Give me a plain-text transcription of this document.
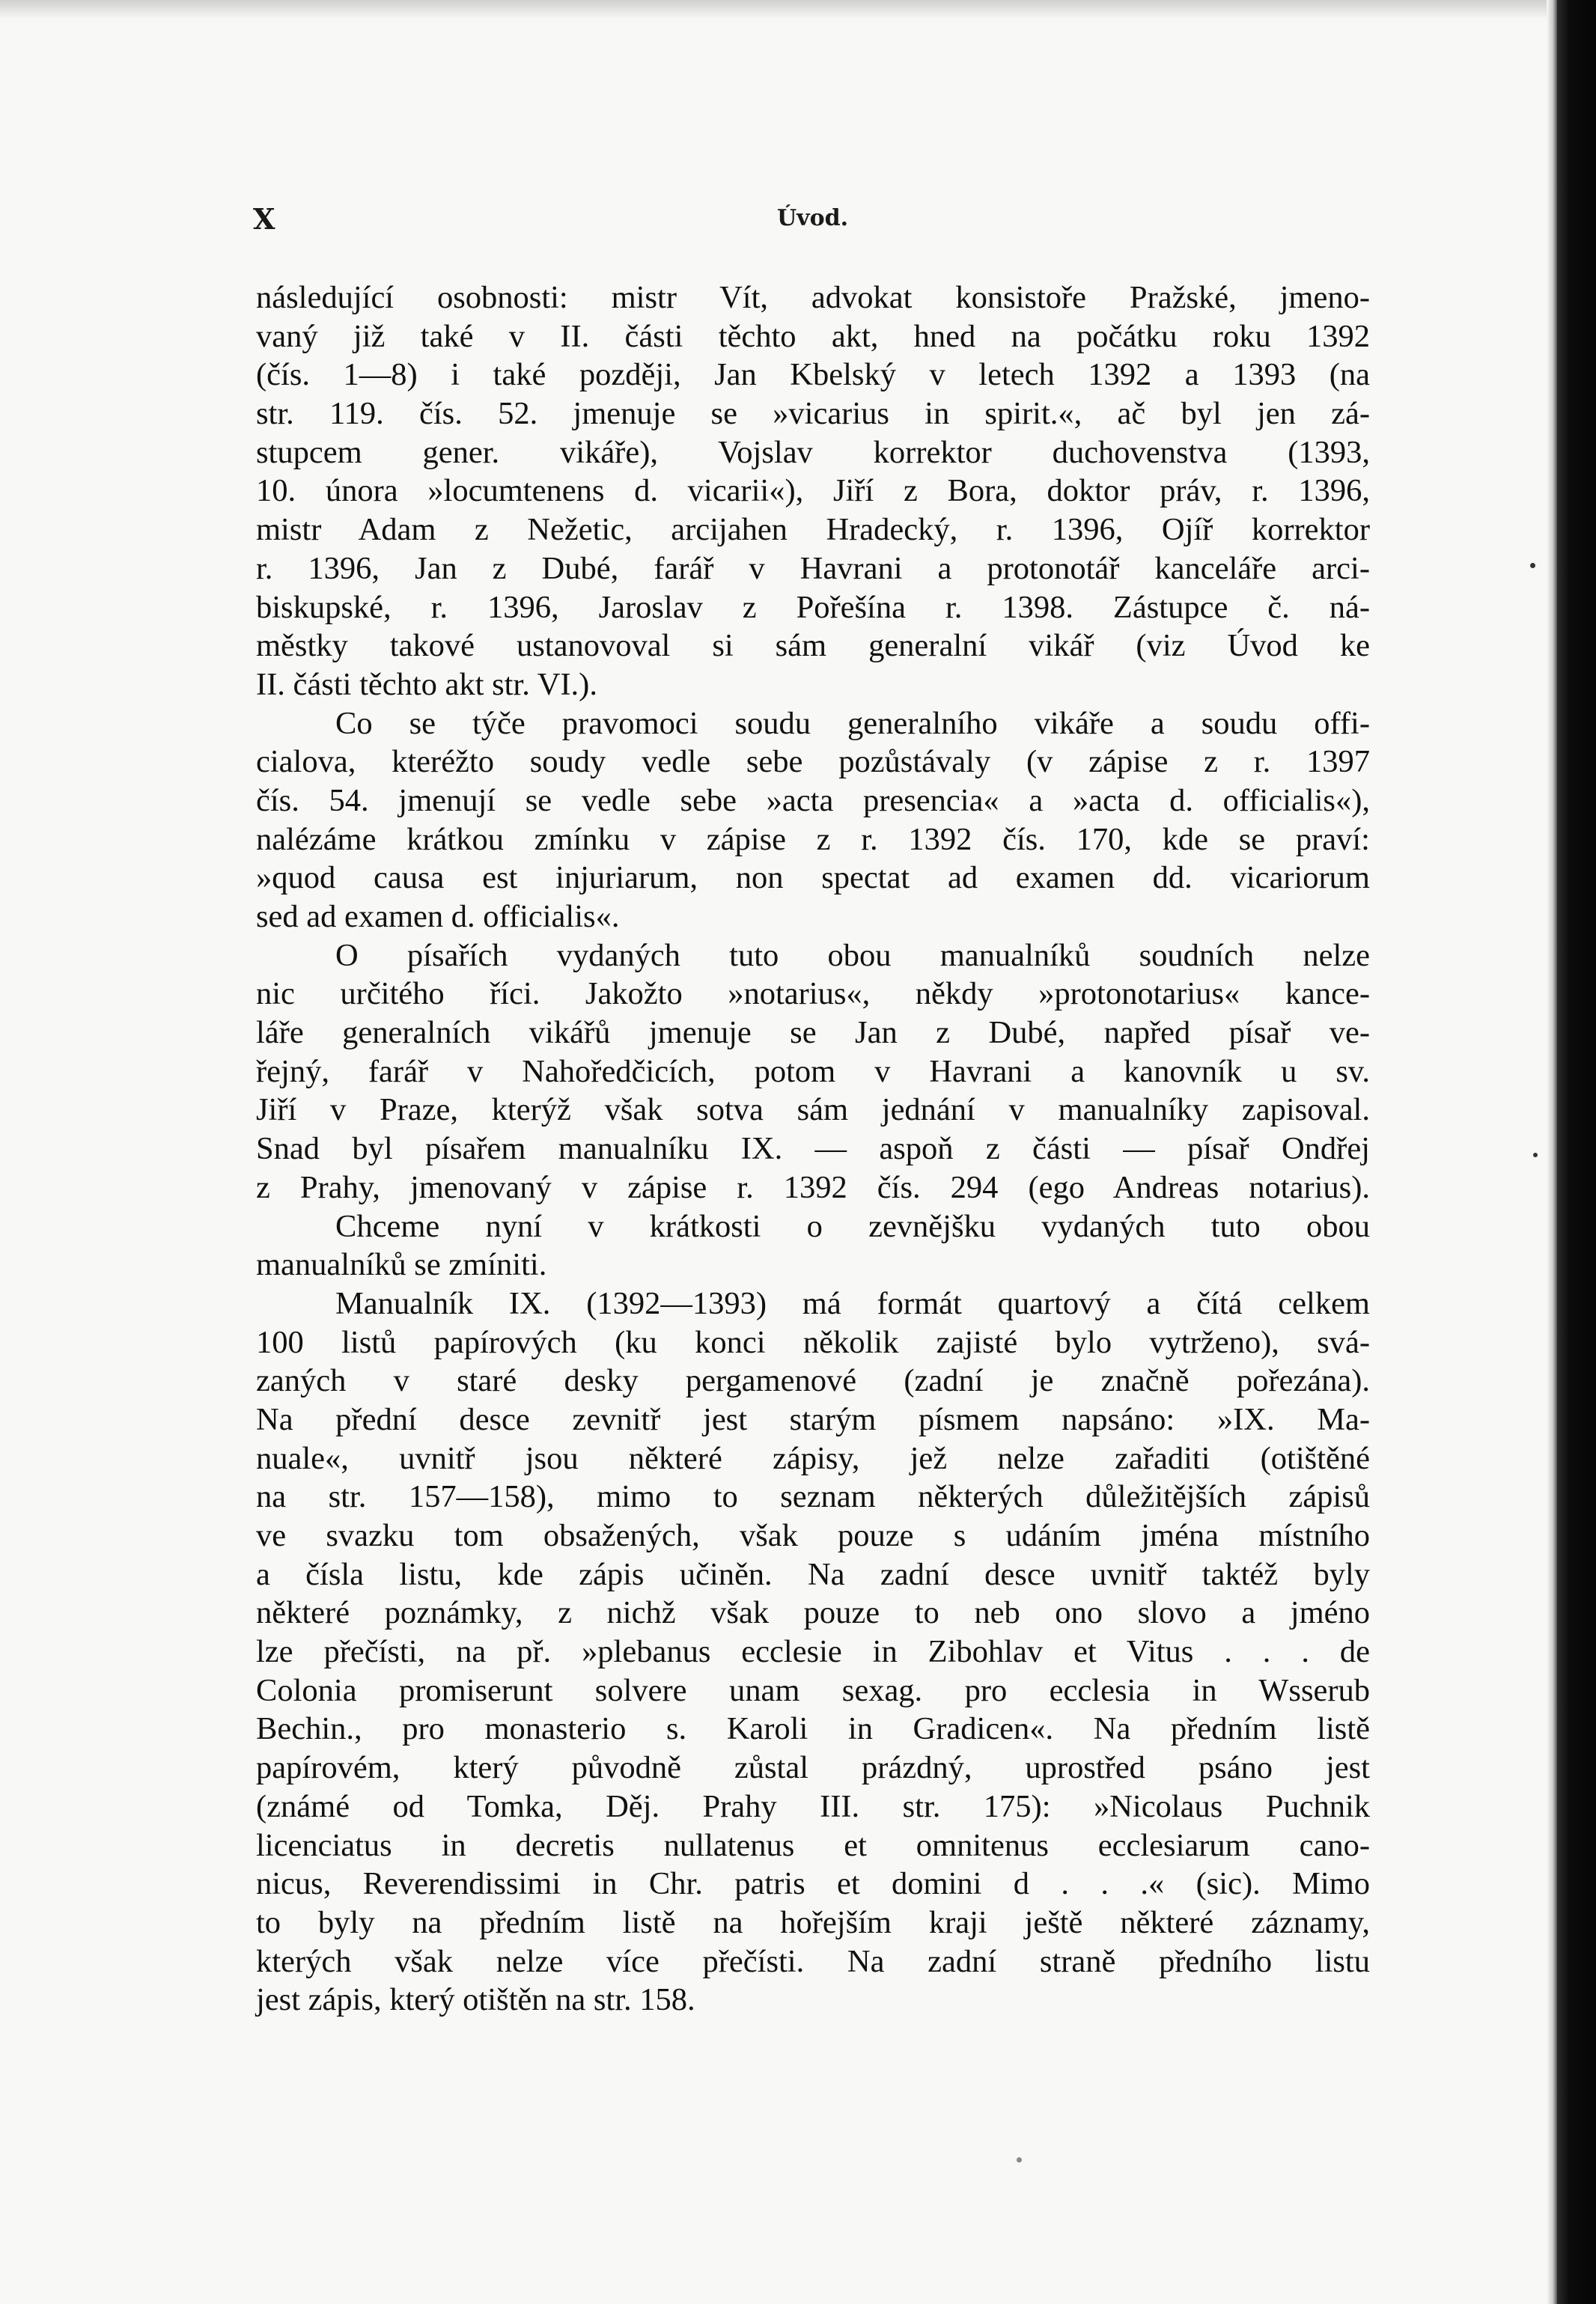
X	Úvod.
následující osobnosti: mistr Vít, advokat konsistoře Pražské, jmeno-
vaný již také v II. části těchto akt, hned na počátku roku 1392
(čís. 1—8) i také později, Jan Kbelský v letech 1392 a 1393 (na
str. 119. čís. 52. jmenuje se »vicarius in spirit.«, ač byl jen zá-
stupcem gener. vikáře), Vojslav korrektor duchovenstva (1393,
10. února »locumtenens d. vicarii«), Jiří z Bora, doktor práv, r. 1396,
mistr Adam z Nežetic, arcijahen Hradecký, r. 1396, Ojíř korrektor
r. 1396, Jan z Dubé, farář v Havrani a protonotář kanceláře arci-
biskupské, r. 1396, Jaroslav z Pořešína r. 1398. Zástupce č. ná-
městky takové ustanovoval si sám generalní vikář (viz Úvod ke
II. části těchto akt str. VI.).
Co se týče pravomoci soudu generalního vikáře a soudu offi-
cialova, kteréžto soudy vedle sebe pozůstávaly (v zápise z r. 1397
čís. 54. jmenují se vedle sebe »acta presencia« a »acta d. officialis«),
nalézáme krátkou zmínku v zápise z r. 1392 čís. 170, kde se praví:
»quod causa est injuriarum, non spectat ad examen dd. vicariorum
sed ad examen d. officialis«.
O písařích vydaných tuto obou manualníků soudních nelze
nic určitého říci. Jakožto »notarius«, někdy »protonotarius« kance-
láře generalních vikářů jmenuje se Jan z Dubé, napřed písař ve-
řejný, farář v Nahoředčicích, potom v Havrani a kanovník u sv.
Jiří v Praze, kterýž však sotva sám jednání v manualníky zapisoval.
Snad byl písařem manualníku IX. — aspoň z části — písař Ondřej
z Prahy, jmenovaný v zápise r. 1392 čís. 294 (ego Andreas notarius).
Chceme nyní v krátkosti o zevnějšku vydaných tuto obou
manualníků se zmíniti.
Manualník IX. (1392—1393) má formát quartový a čítá celkem
100 listů papírových (ku konci několik zajisté bylo vytrženo), svá-
zaných v staré desky pergamenové (zadní je značně pořezána).
Na přední desce zevnitř jest starým písmem napsáno: »IX. Ma-
nuale«, uvnitř jsou některé zápisy, jež nelze zařaditi (otištěné
na str. 157—158), mimo to seznam některých důležitějších zápisů
ve svazku tom obsažených, však pouze s udáním jména místního
a čísla listu, kde zápis učiněn. Na zadní desce uvnitř taktéž byly
některé poznámky, z nichž však pouze to neb ono slovo a jméno
lze přečísti, na př. »plebanus ecclesie in Zibohlav et Vitus . . . de
Colonia promiserunt solvere unam sexag. pro ecclesia in Wsserub
Bechin., pro monasterio s. Karoli in Gradicen«. Na předním listě
papírovém, který původně zůstal prázdný, uprostřed psáno jest
(známé od Tomka, Děj. Prahy III. str. 175): »Nicolaus Puchnik
licenciatus in decretis nullatenus et omnitenus ecclesiarum cano-
nicus, Reverendissimi in Chr. patris et domini d . . .« (sic). Mimo
to byly na předním listě na hořejším kraji ještě některé záznamy,
kterých však nelze více přečísti. Na zadní straně předního listu
jest zápis, který otištěn na str. 158.
